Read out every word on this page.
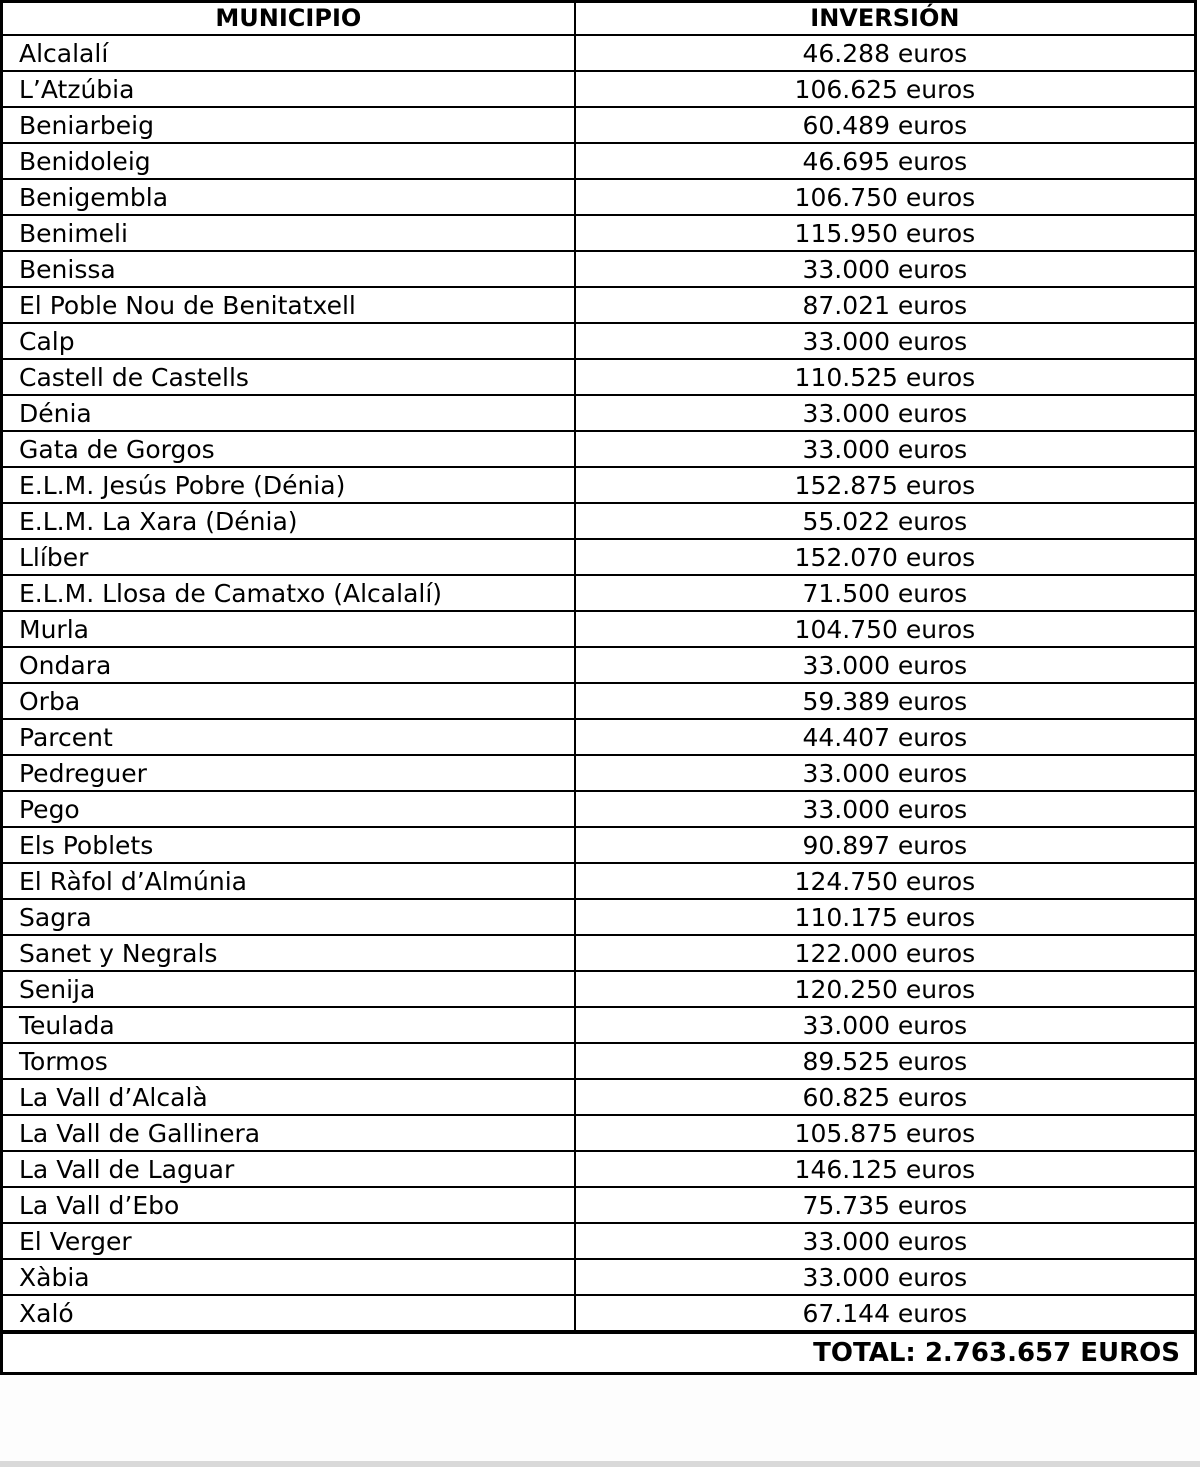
MUNICIPIO	INVERSIÓN
Alcalalí	46.288 euros
L’Atzúbia	106.625 euros
Beniarbeig	60.489 euros
Benidoleig	46.695 euros
Benigembla	106.750 euros
Benimeli	115.950 euros
Benissa	33.000 euros
El Poble Nou de Benitatxell	87.021 euros
Calp	33.000 euros
Castell de Castells	110.525 euros
Dénia	33.000 euros
Gata de Gorgos	33.000 euros
E.L.M. Jesús Pobre (Dénia)	152.875 euros
E.L.M. La Xara (Dénia)	55.022 euros
Llíber	152.070 euros
E.L.M. Llosa de Camatxo (Alcalalí)	71.500 euros
Murla	104.750 euros
Ondara	33.000 euros
Orba	59.389 euros
Parcent	44.407 euros
Pedreguer	33.000 euros
Pego	33.000 euros
Els Poblets	90.897 euros
El Ràfol d’Almúnia	124.750 euros
Sagra	110.175 euros
Sanet y Negrals	122.000 euros
Senija	120.250 euros
Teulada	33.000 euros
Tormos	89.525 euros
La Vall d’Alcalà	60.825 euros
La Vall de Gallinera	105.875 euros
La Vall de Laguar	146.125 euros
La Vall d’Ebo	75.735 euros
El Verger	33.000 euros
Xàbia	33.000 euros
Xaló	67.144 euros
TOTAL: 2.763.657 EUROS	
